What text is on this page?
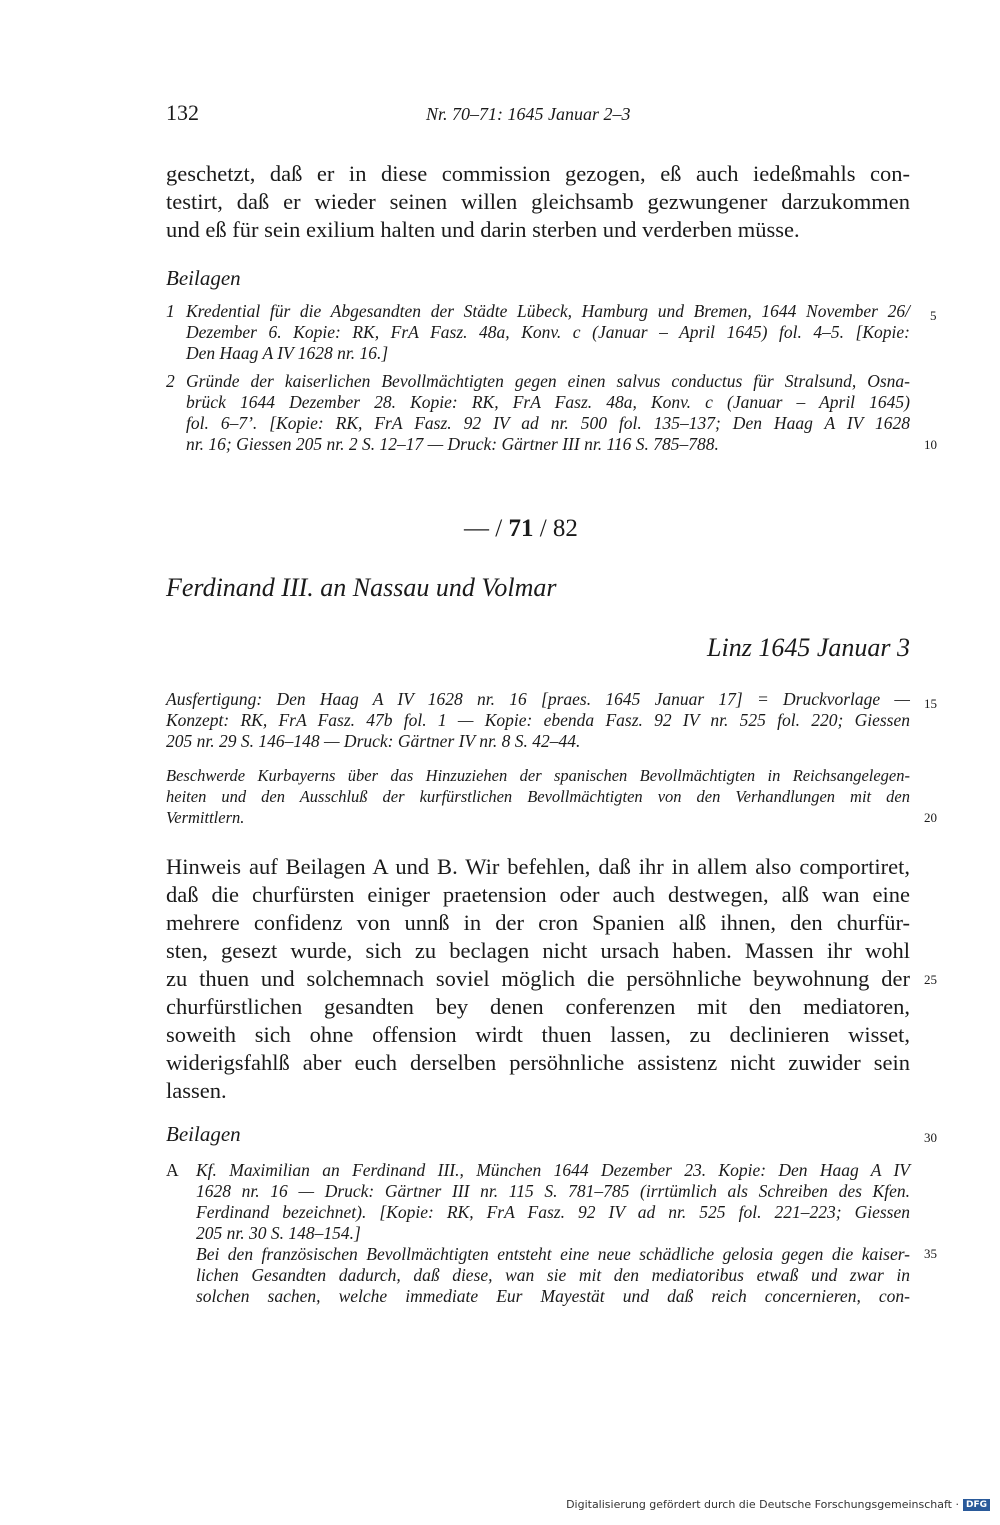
132	Nr. 70–71: 1645 Januar 2–3
geschetzt, daß er in diese commission gezogen, eß auch iedeßmahls con-
testirt, daß er wieder seinen willen gleichsamb gezwungener darzukommen
und eß für sein exilium halten und darin sterben und verderben müsse.
Beilagen
1 Kredential für die Abgesandten der Städte Lübeck, Hamburg und Bremen, 1644 November 26/
Dezember 6. Kopie: RK, FrA Fasz. 48a, Konv. c (Januar – April 1645) fol. 4–5. [Kopie:
Den Haag A IV 1628 nr. 16.]
2 Gründe der kaiserlichen Bevollmächtigten gegen einen salvus conductus für Stralsund, Osna-
brück 1644 Dezember 28. Kopie: RK, FrA Fasz. 48a, Konv. c (Januar – April 1645)
fol. 6–7’. [Kopie: RK, FrA Fasz. 92 IV ad nr. 500 fol. 135–137; Den Haag A IV 1628
nr. 16; Giessen 205 nr. 2 S. 12–17 — Druck: Gärtner III nr. 116 S. 785–788.
5
10
15
20
25
30
35
— / 71 / 82
Ferdinand III. an Nassau und Volmar
Linz 1645 Januar 3
Ausfertigung: Den Haag A IV 1628 nr. 16 [praes. 1645 Januar 17] = Druckvorlage —
Konzept: RK, FrA Fasz. 47b fol. 1 — Kopie: ebenda Fasz. 92 IV nr. 525 fol. 220; Giessen
205 nr. 29 S. 146–148 — Druck: Gärtner IV nr. 8 S. 42–44.
Beschwerde Kurbayerns über das Hinzuziehen der spanischen Bevollmächtigten in Reichsangelegen-
heiten und den Ausschluß der kurfürstlichen Bevollmächtigten von den Verhandlungen mit den
Vermittlern.
Hinweis auf Beilagen A und B. Wir befehlen, daß ihr in allem also comportiret,
daß die churfürsten einiger praetension oder auch destwegen, alß wan eine
mehrere confidenz von unnß in der cron Spanien alß ihnen, den churfür-
sten, gesezt wurde, sich zu beclagen nicht ursach haben. Massen ihr wohl
zu thuen und solchemnach soviel möglich die persöhnliche beywohnung der
churfürstlichen gesandten bey denen conferenzen mit den mediatoren,
soweith sich ohne offension wirdt thuen lassen, zu declinieren wisset,
widerigsfahlß aber euch derselben persöhnliche assistenz nicht zuwider sein
lassen.
Beilagen
A Kf. Maximilian an Ferdinand III., München 1644 Dezember 23. Kopie: Den Haag A IV
1628 nr. 16 — Druck: Gärtner III nr. 115 S. 781–785 (irrtümlich als Schreiben des Kfen.
Ferdinand bezeichnet). [Kopie: RK, FrA Fasz. 92 IV ad nr. 525 fol. 221–223; Giessen
205 nr. 30 S. 148–154.]
Bei den französischen Bevollmächtigten entsteht eine neue schädliche gelosia gegen die kaiser-
lichen Gesandten dadurch, daß diese, wan sie mit den mediatoribus etwaß und zwar in
solchen sachen, welche immediate Eur Mayestät und daß reich concernieren, con-
Digitalisierung gefördert durch die Deutsche Forschungsgemeinschaft · DFG
